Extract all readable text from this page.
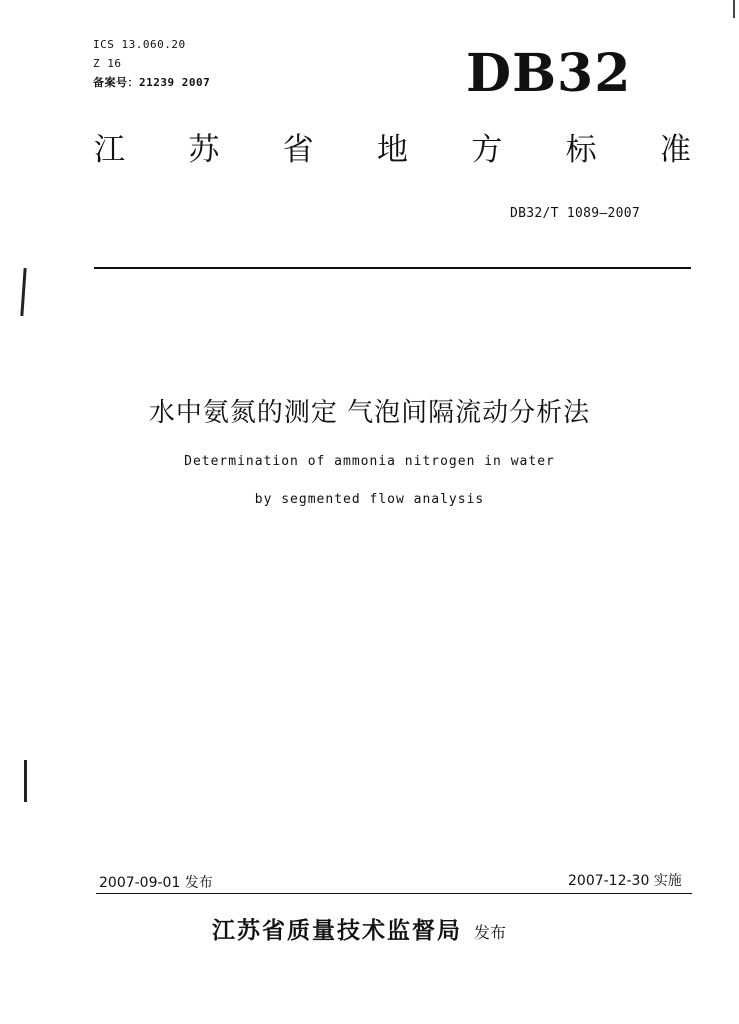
ICS 13.060.20
Z 16
备案号：21239 2007	DB32
江 苏 省 地 方 标 准
DB32/T 1089—2007
水中氨氮的测定 气泡间隔流动分析法
Determination of ammonia nitrogen in water
by segmented flow analysis
2007-09-01 发布	2007-12-30 实施
江苏省质量技术监督局 发布
